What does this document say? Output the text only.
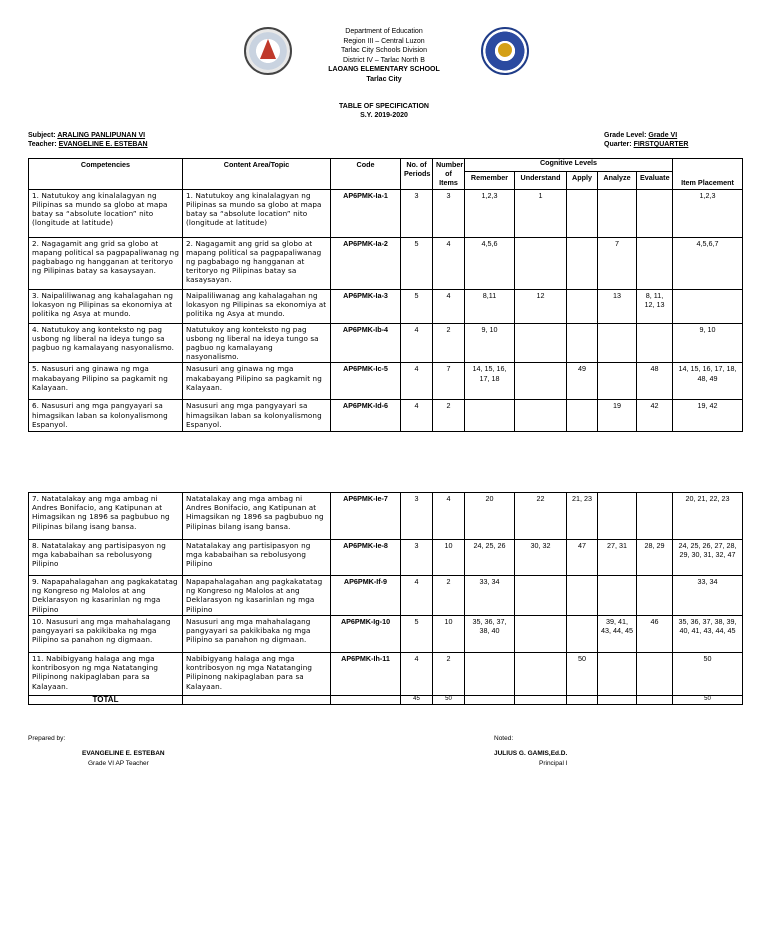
Department of Education
Region III – Central Luzon
Tarlac City Schools Division
District IV – Tarlac North B
LAOANG ELEMENTARY SCHOOL
Tarlac City
TABLE OF SPECIFICATION
S.Y. 2019-2020
Subject: ARALING PANLIPUNAN VI
Teacher: EVANGELINE E. ESTEBAN
Grade Level: Grade VI
Quarter: FIRSTQUARTER
Competencies	Content Area/Topic	Code	No. of Periods	Number of Items	Cognitive Levels					Item Placement
					Remember	Understand	Apply	Analyze	Evaluate	
1. Natutukoy ang kinalalagyan ng Pilipinas sa mundo sa globo at mapa batay sa “absolute location” nito (longitude at latitude)	1. Natutukoy ang kinalalagyan ng Pilipinas sa mundo sa globo at mapa batay sa “absolute location” nito (longitude at latitude)	AP6PMK-Ia-1	3	3	1,2,3	1				1,2,3
2. Nagagamit ang grid sa globo at mapang political sa pagpapaliwanag ng pagbabago ng hangganan at teritoryo ng Pilipinas batay sa kasaysayan.	2. Nagagamit ang grid sa globo at mapang political sa pagpapaliwanag ng pagbabago ng hangganan at teritoryo ng Pilipinas batay sa kasaysayan.	AP6PMK-Ia-2	5	4	4,5,6			7		4,5,6,7
3. Naipaliliwanag ang kahalagahan ng lokasyon ng Pilipinas sa ekonomiya at politika ng Asya at mundo.	Naipaliliwanag ang kahalagahan ng lokasyon ng Pilipinas sa ekonomiya at politika ng Asya at mundo.	AP6PMK-Ia-3	5	4	8,11	12		13	8, 11, 12, 13	
4. Natutukoy ang konteksto ng pag usbong ng liberal na ideya tungo sa pagbuo ng kamalayang nasyonalismo.	Natutukoy ang konteksto ng pag usbong ng liberal na ideya tungo sa pagbuo ng kamalayang nasyonalismo.	AP6PMK-Ib-4	4	2	9, 10					9, 10
5. Nasusuri ang ginawa ng mga makabayang Pilipino sa pagkamit ng Kalayaan.	Nasusuri ang ginawa ng mga makabayang Pilipino sa pagkamit ng Kalayaan.	AP6PMK-Ic-5	4	7	14, 15, 16, 17, 18		49		48	14, 15, 16, 17, 18, 48, 49
6. Nasusuri ang mga pangyayari sa himagsikan laban sa kolonyalismong Espanyol.	Nasusuri ang mga pangyayari sa himagsikan laban sa kolonyalismong Espanyol.	AP6PMK-Id-6	4	2				19	42	19, 42
7. Natatalakay ang mga ambag ni Andres Bonifacio, ang Katipunan at Himagsikan ng 1896 sa pagbubuo ng Pilipinas bilang isang bansa.	Natatalakay ang mga ambag ni Andres Bonifacio, ang Katipunan at Himagsikan ng 1896 sa pagbubuo ng Pilipinas bilang isang bansa.	AP6PMK-Ie-7	3	4	20	22	21, 23			20, 21, 22, 23
8. Natatalakay ang partisipasyon ng mga kababaihan sa rebolusyong Pilipino	Natatalakay ang partisipasyon ng mga kababaihan sa rebolusyong Pilipino	AP6PMK-Ie-8	3	10	24, 25, 26	30, 32	47	27, 31	28, 29	24, 25, 26, 27, 28, 29, 30, 31, 32, 47
9. Napapahalagahan ang pagkakatatag ng Kongreso ng Malolos at ang Deklarasyon ng kasarinlan ng mga Pilipino	Napapahalagahan ang pagkakatatag ng Kongreso ng Malolos at ang Deklarasyon ng kasarinlan ng mga Pilipino	AP6PMK-If-9	4	2	33, 34					33, 34
10. Nasusuri ang mga mahahalagang pangyayari sa pakikibaka ng mga Pilipino sa panahon ng digmaan.	Nasusuri ang mga mahahalagang pangyayari sa pakikibaka ng mga Pilipino sa panahon ng digmaan.	AP6PMK-Ig-10	5	10	35, 36, 37, 38, 40			39, 41, 43, 44, 45	46	35, 36, 37, 38, 39, 40, 41, 43, 44, 45
11. Nabibigyang halaga ang mga kontribosyon ng mga Natatanging Pilipinong nakipaglaban para sa Kalayaan.	Nabibigyang halaga ang mga kontribosyon ng mga Natatanging Pilipinong nakipaglaban para sa Kalayaan.	AP6PMK-Ih-11	4	2			50			50
TOTAL			45	50						50
Prepared by:
EVANGELINE E. ESTEBAN
Grade VI AP Teacher
Noted:
JULIUS G. GAMIS,Ed.D.
Principal I
